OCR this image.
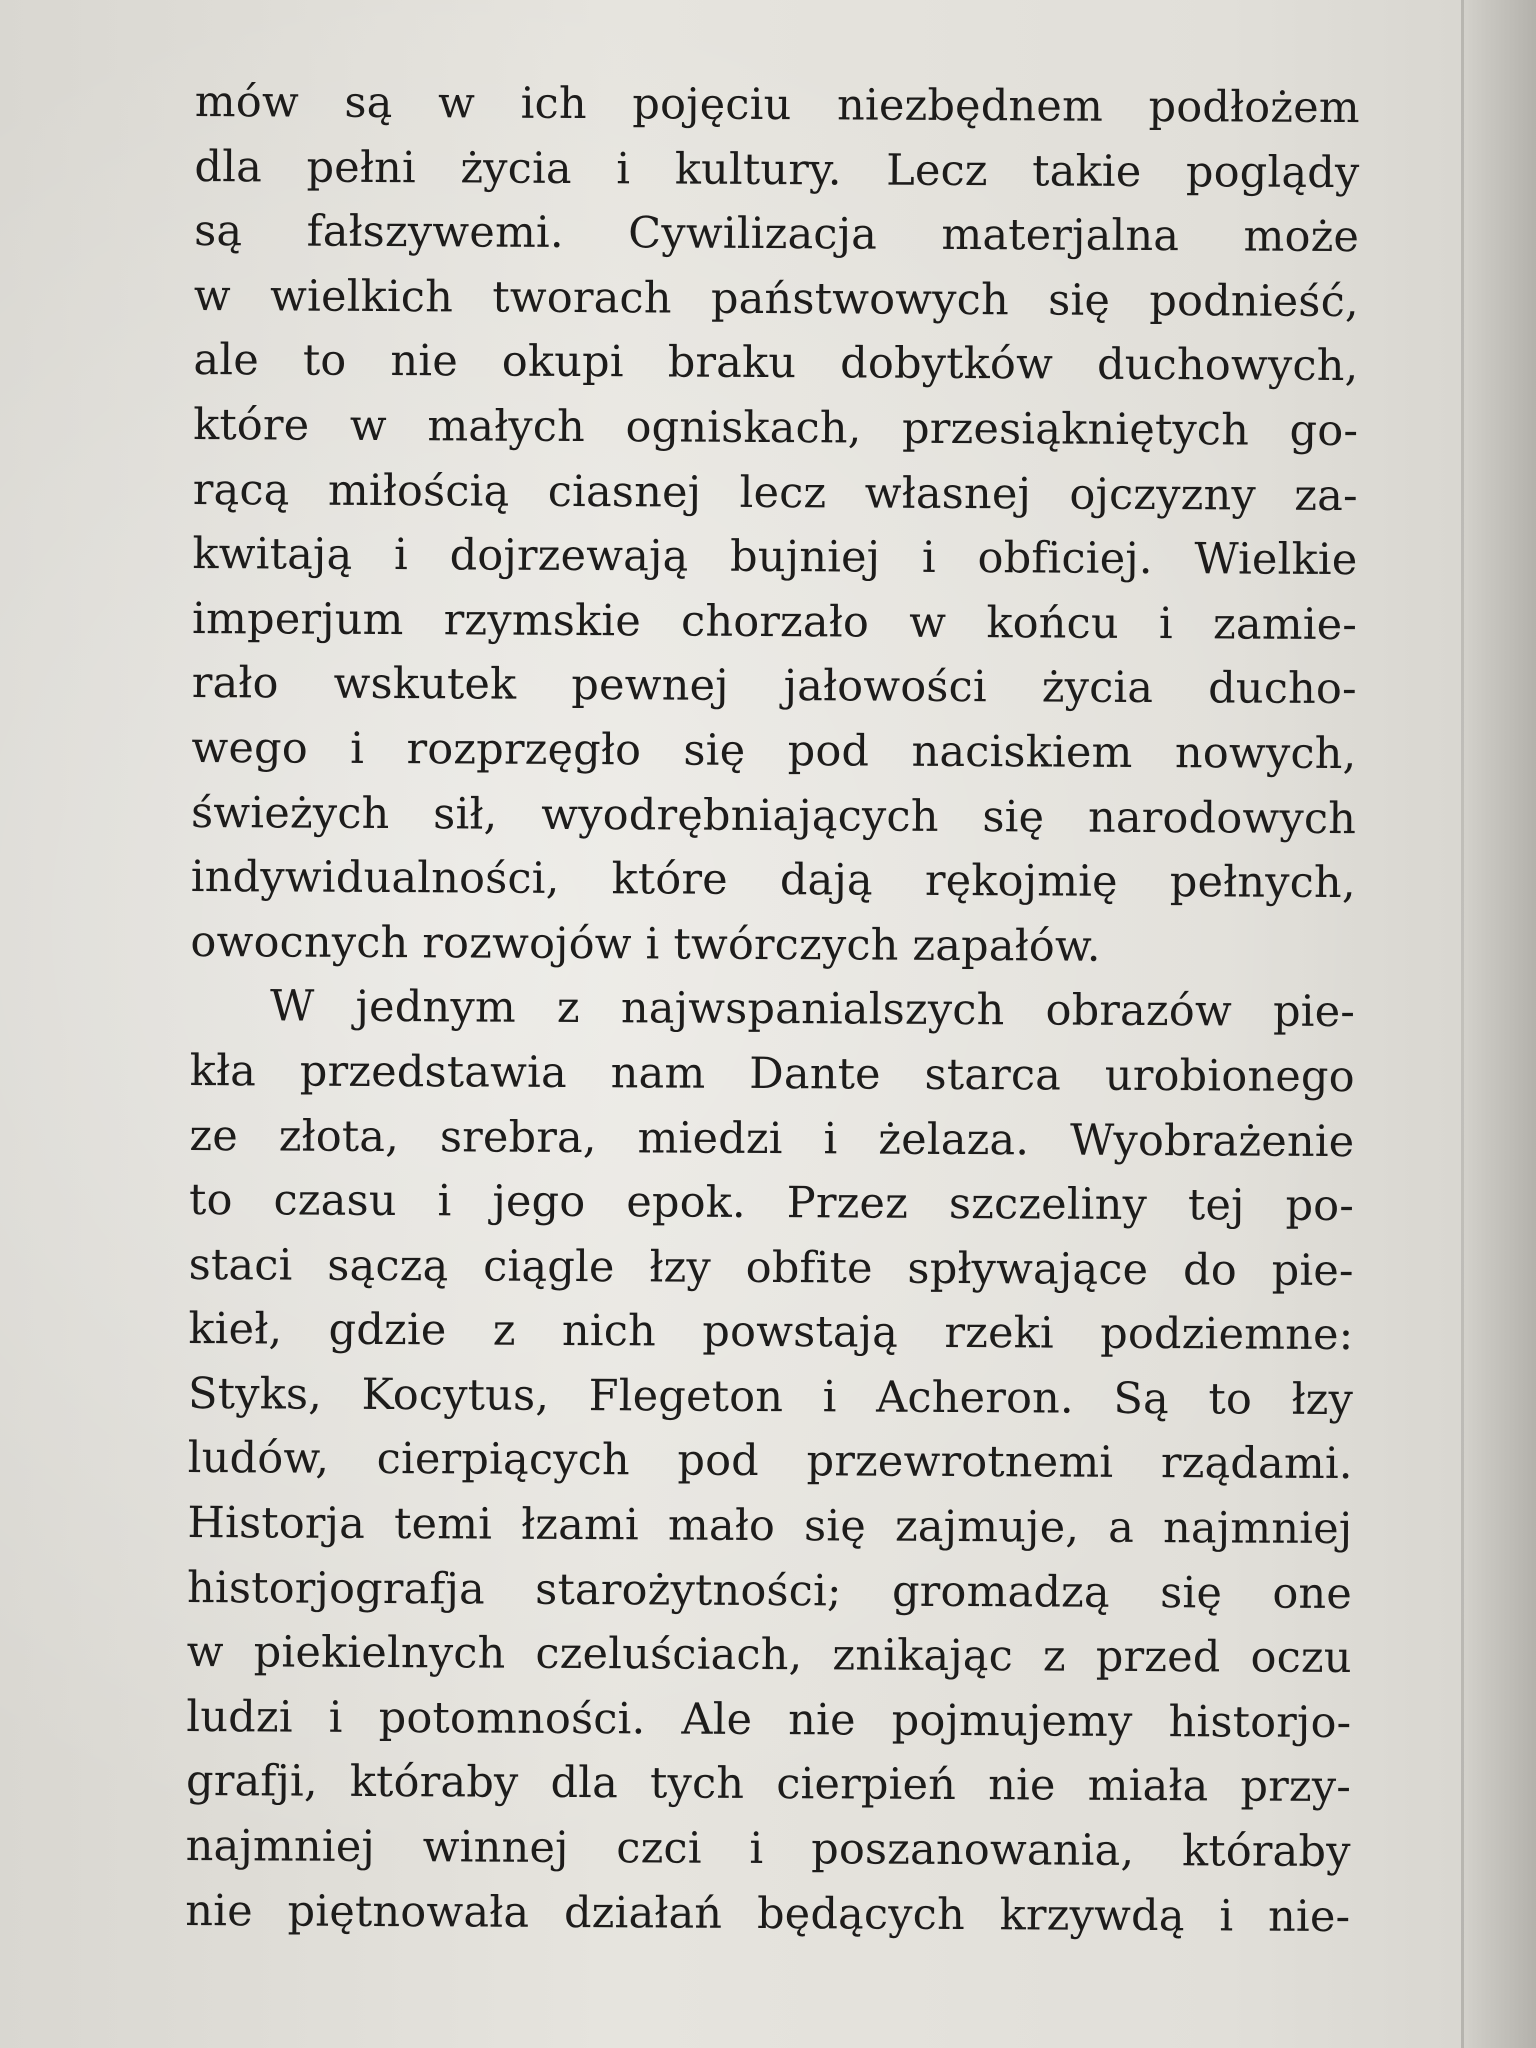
mów są w ich pojęciu niezbędnem podłożem
dla pełni życia i kultury. Lecz takie poglądy
są fałszywemi. Cywilizacja materjalna może
w wielkich tworach państwowych się podnieść,
ale to nie okupi braku dobytków duchowych,
które w małych ogniskach, przesiąkniętych go-
rącą miłością ciasnej lecz własnej ojczyzny za-
kwitają i dojrzewają bujniej i obficiej. Wielkie
imperjum rzymskie chorzało w końcu i zamie-
rało wskutek pewnej jałowości życia ducho-
wego i rozprzęgło się pod naciskiem nowych,
świeżych sił, wyodrębniających się narodowych
indywidualności, które dają rękojmię pełnych,
owocnych rozwojów i twórczych zapałów.
W jednym z najwspanialszych obrazów pie-
kła przedstawia nam Dante starca urobionego
ze złota, srebra, miedzi i żelaza. Wyobrażenie
to czasu i jego epok. Przez szczeliny tej po-
staci sączą ciągle łzy obfite spływające do pie-
kieł, gdzie z nich powstają rzeki podziemne:
Styks, Kocytus, Flegeton i Acheron. Są to łzy
ludów, cierpiących pod przewrotnemi rządami.
Historja temi łzami mało się zajmuje, a najmniej
historjografja starożytności; gromadzą się one
w piekielnych czeluściach, znikając z przed oczu
ludzi i potomności. Ale nie pojmujemy historjo-
grafji, któraby dla tych cierpień nie miała przy-
najmniej winnej czci i poszanowania, któraby
nie piętnowała działań będących krzywdą i nie-
